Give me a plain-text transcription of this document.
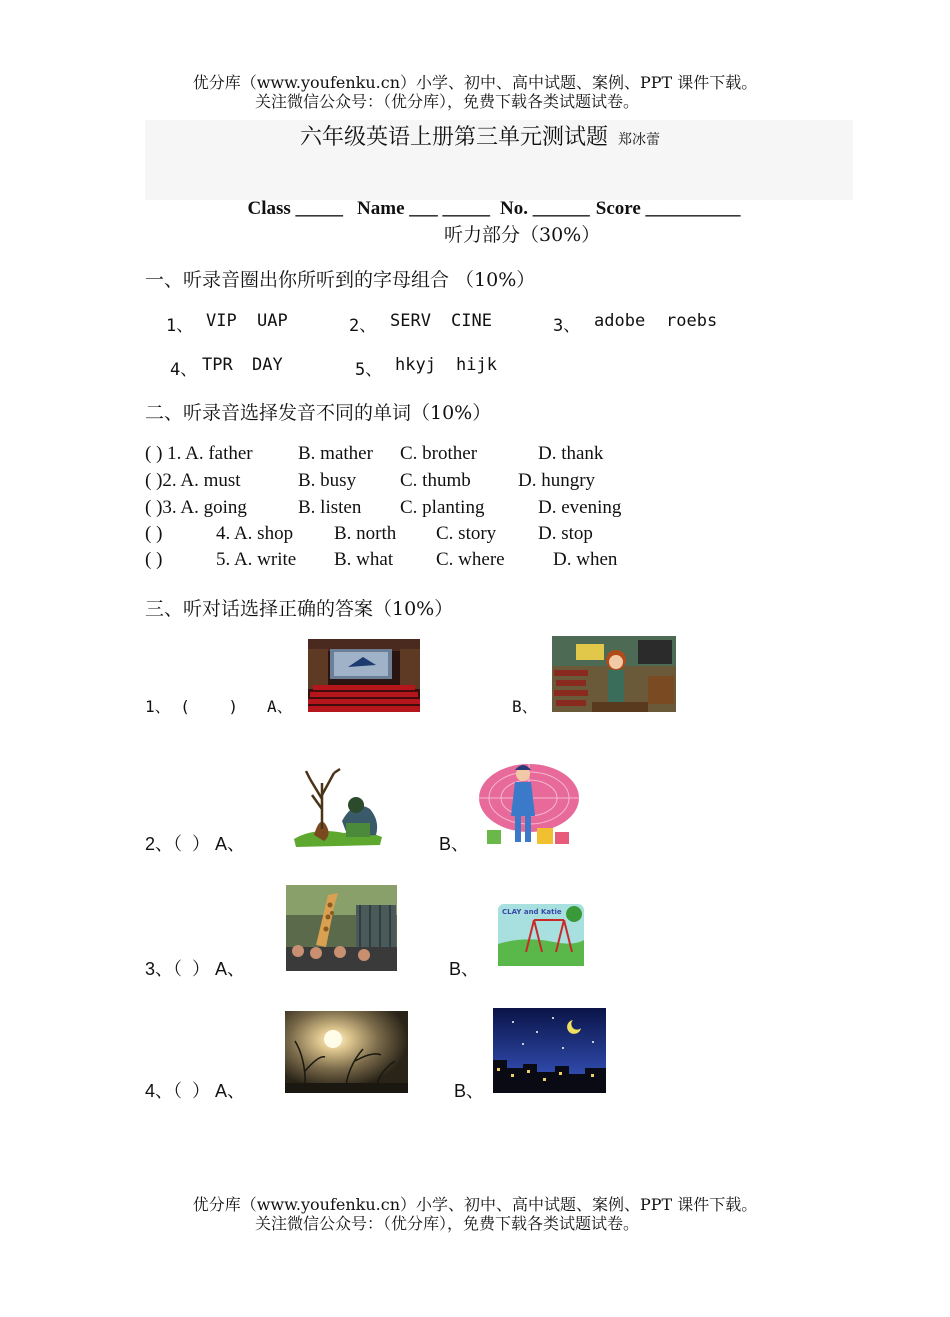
优分库（www.youfenku.cn）小学、初中、高中试题、案例、PPT 课件下载。
关注微信公众号：（优分库），免费下载各类试题试卷。
六年级英语上册第三单元测试题 郑冰蕾

Class _____ Name ___ _____ No. ______ Score __________

听力部分（30%）
一、听录音圈出你所听到的字母组合 （10%）
1、 VIP UAP	2、 SERV CINE	3、 adobe roebs
4、 TPR DAY	5、 hkyj hijk
二、听录音选择发音不同的单词（10%）
( ) 1. A. father B. mather C. brother	D. thank
( )2. A. must	B. busy C. thumb D. hungry
( )3. A. going	B. listen C. planting	D. evening
( )	4. A. shop B. north C. story D. stop
( )	5. A. write B. what C. where	D. when
三、听对话选择正确的答案（10%）
1、 (    )   A、	B、
2、（  ） A、	B、
3、（  ） A、	B、
CLAY and Katie
4、（  ） A、	B、
优分库（www.youfenku.cn）小学、初中、高中试题、案例、PPT 课件下载。
关注微信公众号：（优分库），免费下载各类试题试卷。
